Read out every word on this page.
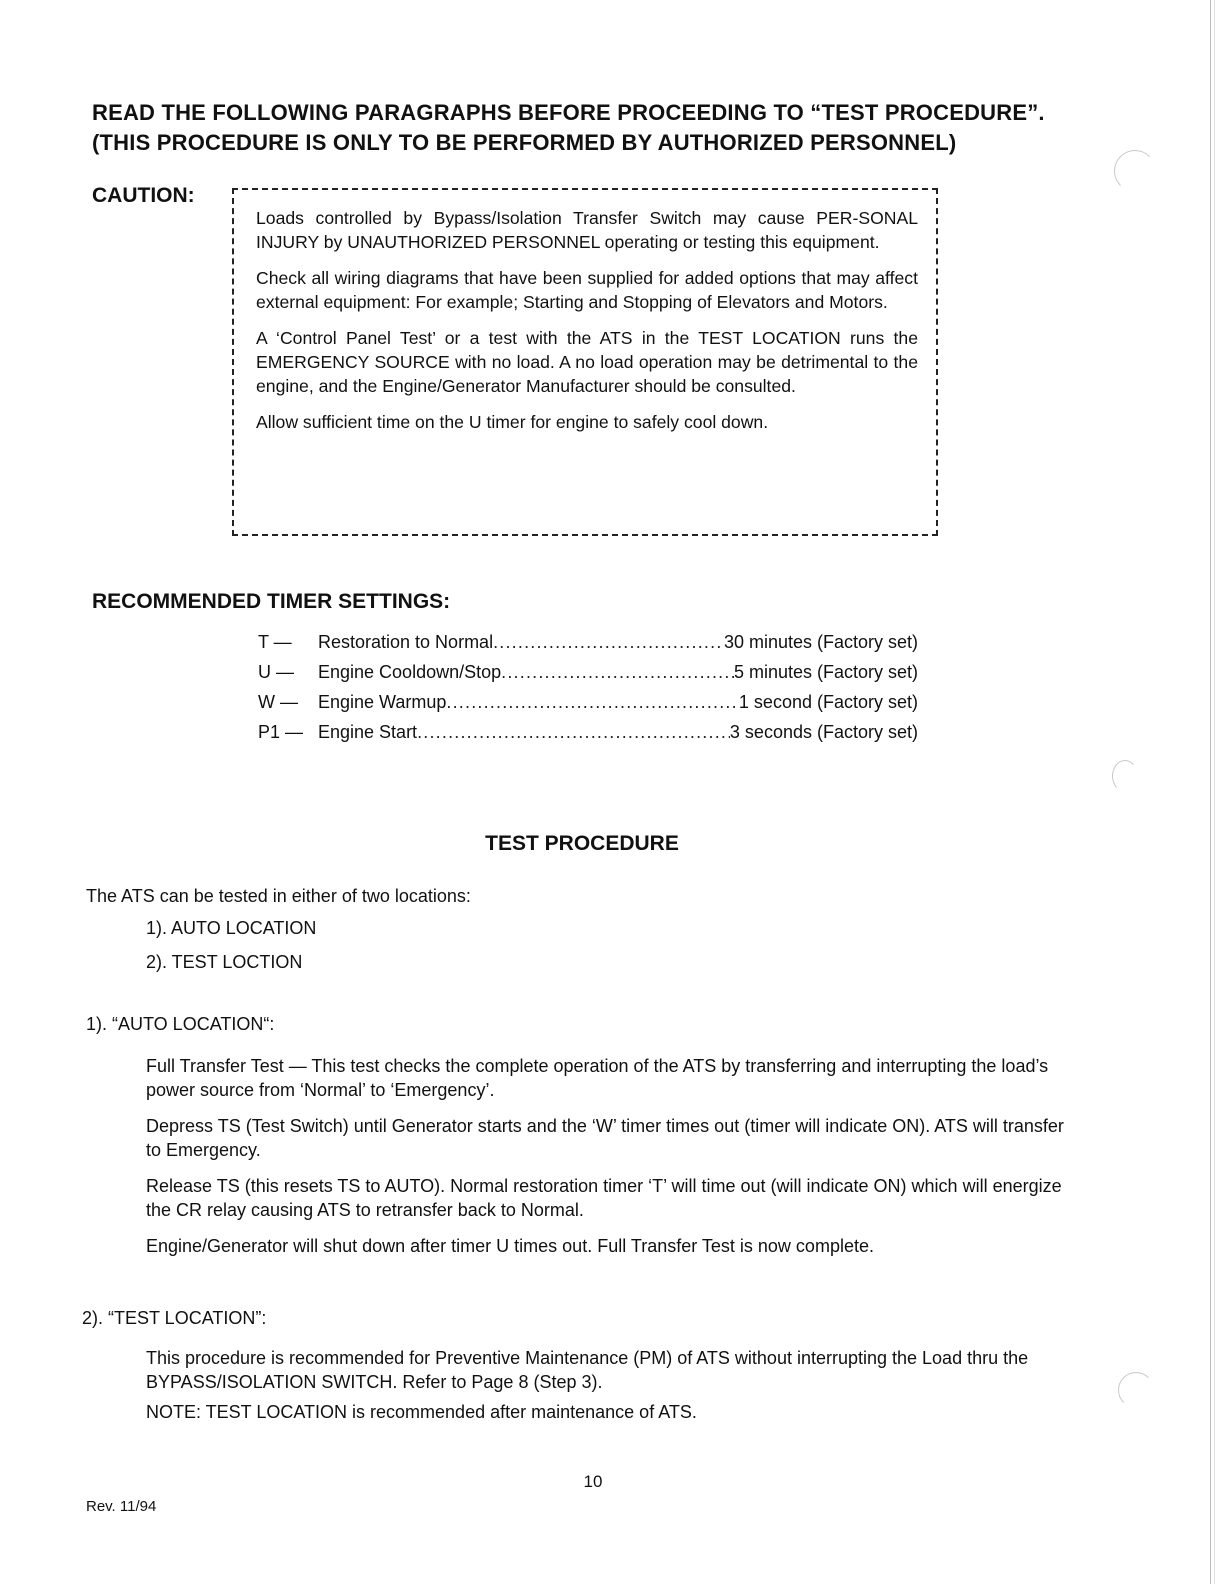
READ THE FOLLOWING PARAGRAPHS BEFORE PROCEEDING TO “TEST PROCEDURE”.
(THIS PROCEDURE IS ONLY TO BE PERFORMED BY AUTHORIZED PERSONNEL)
CAUTION:

Loads controlled by Bypass/Isolation Transfer Switch may cause PER-SONAL INJURY by UNAUTHORIZED PERSONNEL operating or testing this equipment.

Check all wiring diagrams that have been supplied for added options that may affect external equipment: For example; Starting and Stopping of Elevators and Motors.

A ‘Control Panel Test’ or a test with the ATS in the TEST LOCATION runs the EMERGENCY SOURCE with no load. A no load operation may be detrimental to the engine, and the Engine/Generator Manufacturer should be consulted.

Allow sufficient time on the U timer for engine to safely cool down.

RECOMMENDED TIMER SETTINGS:
T —	Restoration to Normal .....	30 minutes (Factory set)
U —	Engine Cooldown/Stop .....	5 minutes (Factory set)
W —	Engine Warmup .....	1 second (Factory set)
P1 — Engine Start .....	3 seconds (Factory set)
TEST PROCEDURE
The ATS can be tested in either of two locations:
1). AUTO LOCATION
2). TEST LOCTION
1). “AUTO LOCATION“:

Full Transfer Test — This test checks the complete operation of the ATS by transferring and interrupting the load’s power source from ‘Normal’ to ‘Emergency’.

Depress TS (Test Switch) until Generator starts and the ‘W’ timer times out (timer will indicate ON). ATS will transfer to Emergency.

Release TS (this resets TS to AUTO). Normal restoration timer ‘T’ will time out (will indicate ON) which will energize the CR relay causing ATS to retransfer back to Normal.

Engine/Generator will shut down after timer U times out. Full Transfer Test is now complete.

2). “TEST LOCATION”:

This procedure is recommended for Preventive Maintenance (PM) of ATS without interrupting the Load thru the BYPASS/ISOLATION SWITCH. Refer to Page 8 (Step 3).

NOTE: TEST LOCATION is recommended after maintenance of ATS.

10
Rev. 11/94
